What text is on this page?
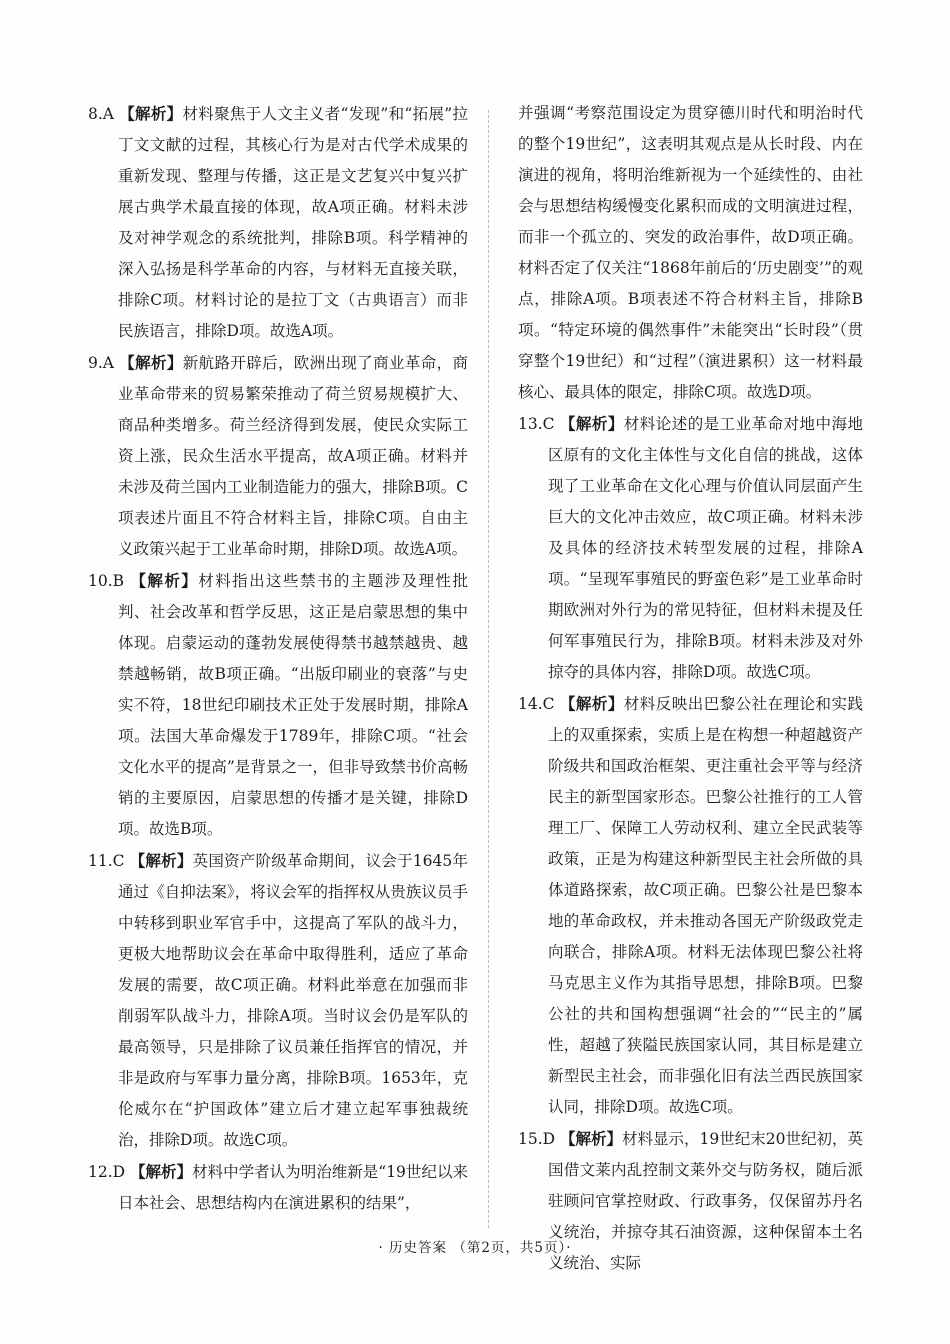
8.A 【解析】材料聚焦于人文主义者“发现”和“拓展”拉丁文文献的过程，其核心行为是对古代学术成果的重新发现、整理与传播，这正是文艺复兴中复兴扩展古典学术最直接的体现，故A项正确。材料未涉及对神学观念的系统批判，排除B项。科学精神的深入弘扬是科学革命的内容，与材料无直接关联，排除C项。材料讨论的是拉丁文（古典语言）而非民族语言，排除D项。故选A项。

9.A 【解析】新航路开辟后，欧洲出现了商业革命，商业革命带来的贸易繁荣推动了荷兰贸易规模扩大、商品种类增多。荷兰经济得到发展，使民众实际工资上涨，民众生活水平提高，故A项正确。材料并未涉及荷兰国内工业制造能力的强大，排除B项。C项表述片面且不符合材料主旨，排除C项。自由主义政策兴起于工业革命时期，排除D项。故选A项。

10.B 【解析】材料指出这些禁书的主题涉及理性批判、社会改革和哲学反思，这正是启蒙思想的集中体现。启蒙运动的蓬勃发展使得禁书越禁越贵、越禁越畅销，故B项正确。“出版印刷业的衰落”与史实不符，18世纪印刷技术正处于发展时期，排除A项。法国大革命爆发于1789年，排除C项。“社会文化水平的提高”是背景之一，但非导致禁书价高畅销的主要原因，启蒙思想的传播才是关键，排除D项。故选B项。

11.C 【解析】英国资产阶级革命期间，议会于1645年通过《自抑法案》，将议会军的指挥权从贵族议员手中转移到职业军官手中，这提高了军队的战斗力，更极大地帮助议会在革命中取得胜利，适应了革命发展的需要，故C项正确。材料此举意在加强而非削弱军队战斗力，排除A项。当时议会仍是军队的最高领导，只是排除了议员兼任指挥官的情况，并非是政府与军事力量分离，排除B项。1653年，克伦威尔在“护国政体”建立后才建立起军事独裁统治，排除D项。故选C项。

12.D 【解析】材料中学者认为明治维新是“19世纪以来日本社会、思想结构内在演进累积的结果”，

并强调“考察范围设定为贯穿德川时代和明治时代的整个19世纪”，这表明其观点是从长时段、内在演进的视角，将明治维新视为一个延续性的、由社会与思想结构缓慢变化累积而成的文明演进过程，而非一个孤立的、突发的政治事件，故D项正确。材料否定了仅关注“1868年前后的‘历史剧变’”的观点，排除A项。B项表述不符合材料主旨，排除B项。“特定环境的偶然事件”未能突出“长时段”（贯穿整个19世纪）和“过程”（演进累积）这一材料最核心、最具体的限定，排除C项。故选D项。

13.C 【解析】材料论述的是工业革命对地中海地区原有的文化主体性与文化自信的挑战，这体现了工业革命在文化心理与价值认同层面产生巨大的文化冲击效应，故C项正确。材料未涉及具体的经济技术转型发展的过程，排除A项。“呈现军事殖民的野蛮色彩”是工业革命时期欧洲对外行为的常见特征，但材料未提及任何军事殖民行为，排除B项。材料未涉及对外掠夺的具体内容，排除D项。故选C项。

14.C 【解析】材料反映出巴黎公社在理论和实践上的双重探索，实质上是在构想一种超越资产阶级共和国政治框架、更注重社会平等与经济民主的新型国家形态。巴黎公社推行的工人管理工厂、保障工人劳动权利、建立全民武装等政策，正是为构建这种新型民主社会所做的具体道路探索，故C项正确。巴黎公社是巴黎本地的革命政权，并未推动各国无产阶级政党走向联合，排除A项。材料无法体现巴黎公社将马克思主义作为其指导思想，排除B项。巴黎公社的共和国构想强调“社会的”“民主的”属性，超越了狭隘民族国家认同，其目标是建立新型民主社会，而非强化旧有法兰西民族国家认同，排除D项。故选C项。

15.D 【解析】材料显示，19世纪末20世纪初，英国借文莱内乱控制文莱外交与防务权，随后派驻顾问官掌控财政、行政事务，仅保留苏丹名义统治，并掠夺其石油资源，这种保留本土名义统治、实际

· 历史答案 （第2页，共5页）·
